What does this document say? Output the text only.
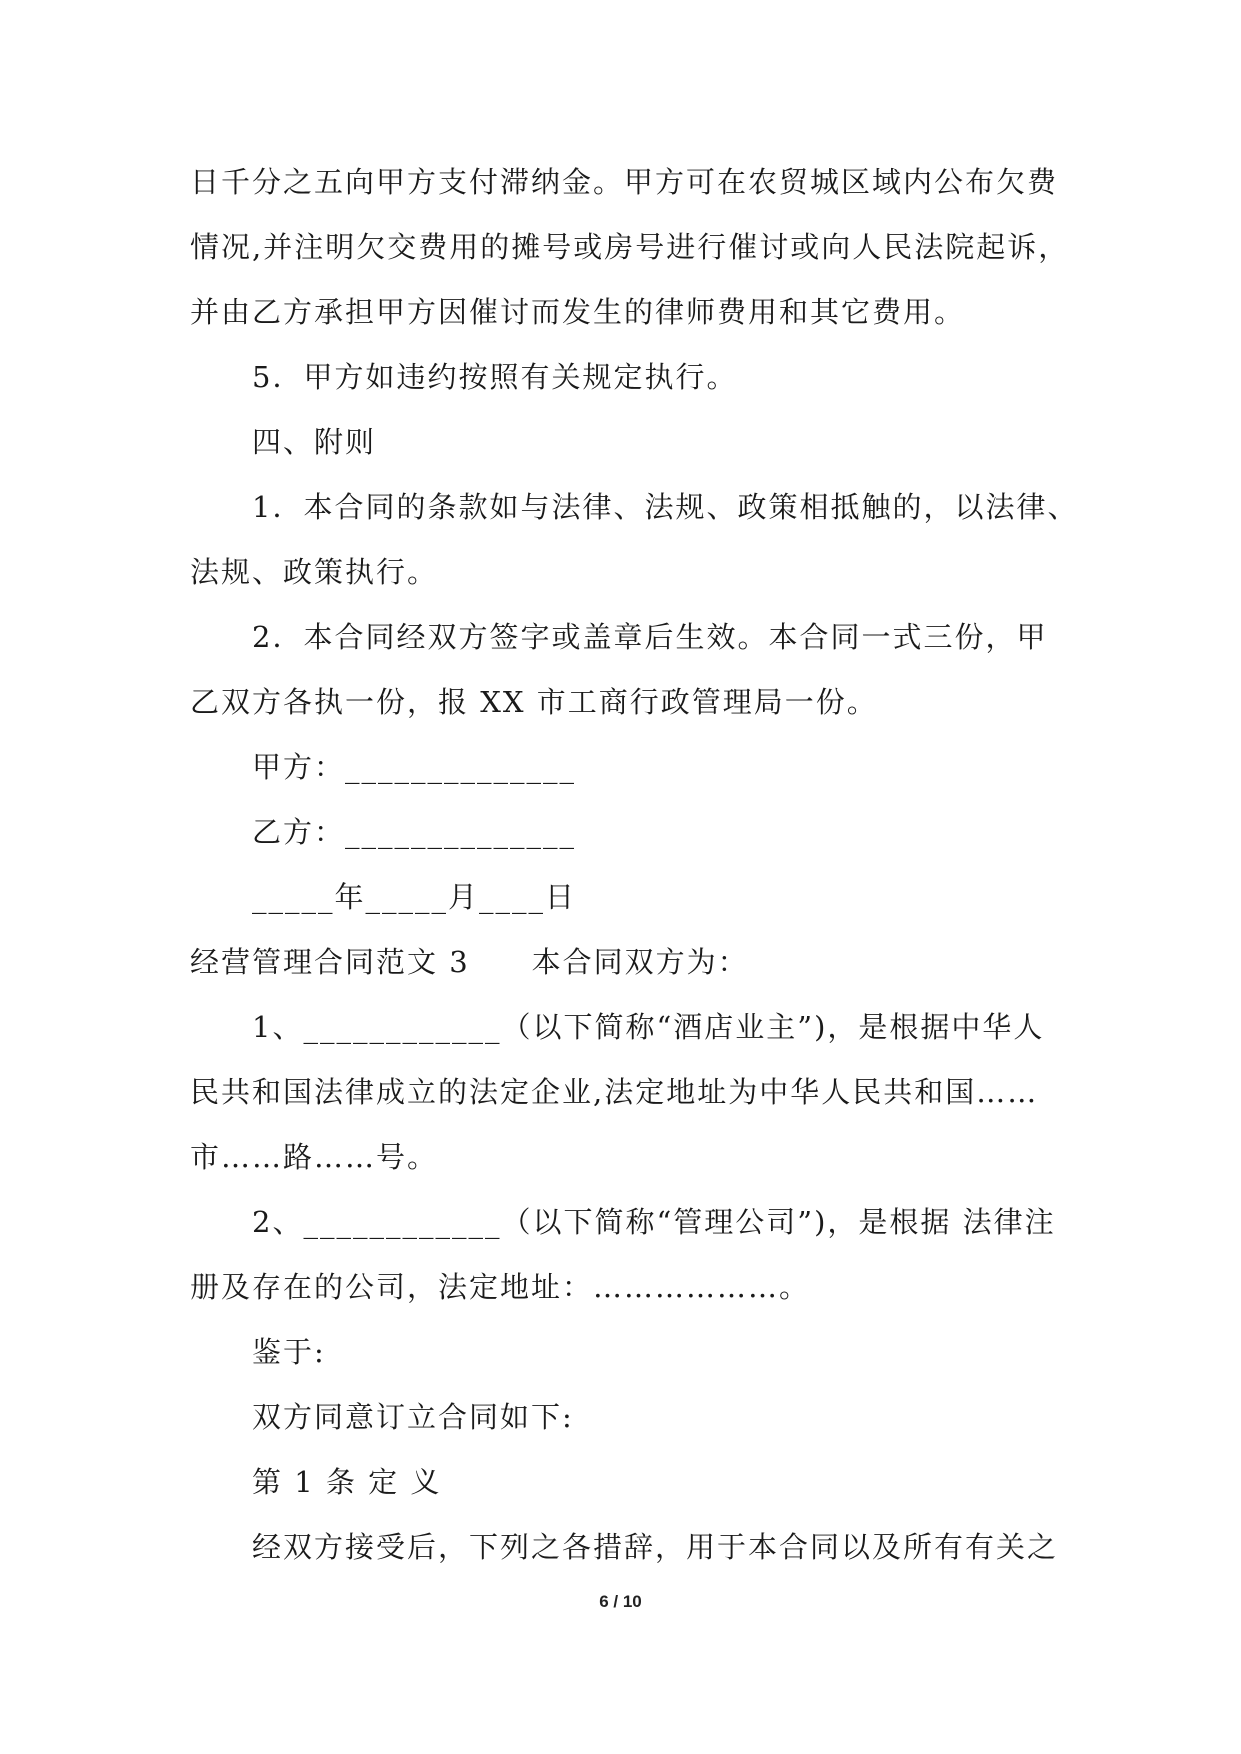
日千分之五向甲方支付滞纳金。甲方可在农贸城区域内公布欠费
情况,并注明欠交费用的摊号或房号进行催讨或向人民法院起诉，
并由乙方承担甲方因催讨而发生的律师费用和其它费用。
5．甲方如违约按照有关规定执行。
四、附则
1．本合同的条款如与法律、法规、政策相抵触的，以法律、
法规、政策执行。
2．本合同经双方签字或盖章后生效。本合同一式三份，甲
乙双方各执一份，报 XX 市工商行政管理局一份。
甲方：______________
乙方：______________
_____年_____月____日
经营管理合同范文 3　　本合同双方为：
1、____________（以下简称“酒店业主”)，是根据中华人
民共和国法律成立的法定企业,法定地址为中华人民共和国……
市……路……号。
2、____________（以下简称“管理公司”)，是根据 法律注
册及存在的公司，法定地址：………………。
鉴于:
双方同意订立合同如下:
第 1 条 定 义
经双方接受后，下列之各措辞，用于本合同以及所有有关之
6 / 10
